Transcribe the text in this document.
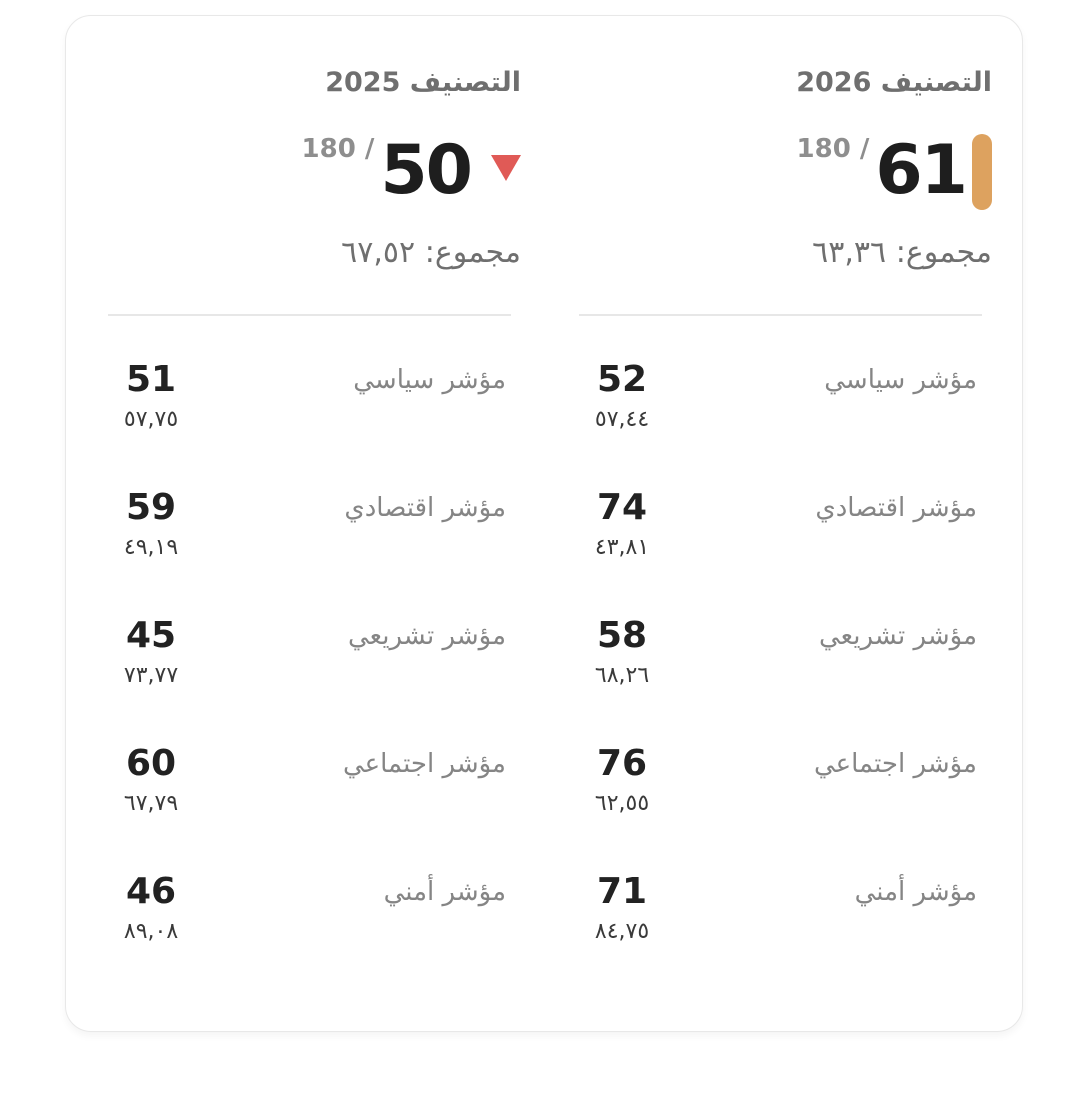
التصنيف 2026
61
180 /
مجموع: ٦٣,٣٦
مؤشر سياسي
52
٥٧,٤٤
مؤشر اقتصادي
74
٤٣,٨١
مؤشر تشريعي
58
٦٨,٢٦
مؤشر اجتماعي
76
٦٢,٥٥
مؤشر أمني
71
٨٤,٧٥
التصنيف 2025
50
180 /
مجموع: ٦٧,٥٢
مؤشر سياسي
51
٥٧,٧٥
مؤشر اقتصادي
59
٤٩,١٩
مؤشر تشريعي
45
٧٣,٧٧
مؤشر اجتماعي
60
٦٧,٧٩
مؤشر أمني
46
٨٩,٠٨
